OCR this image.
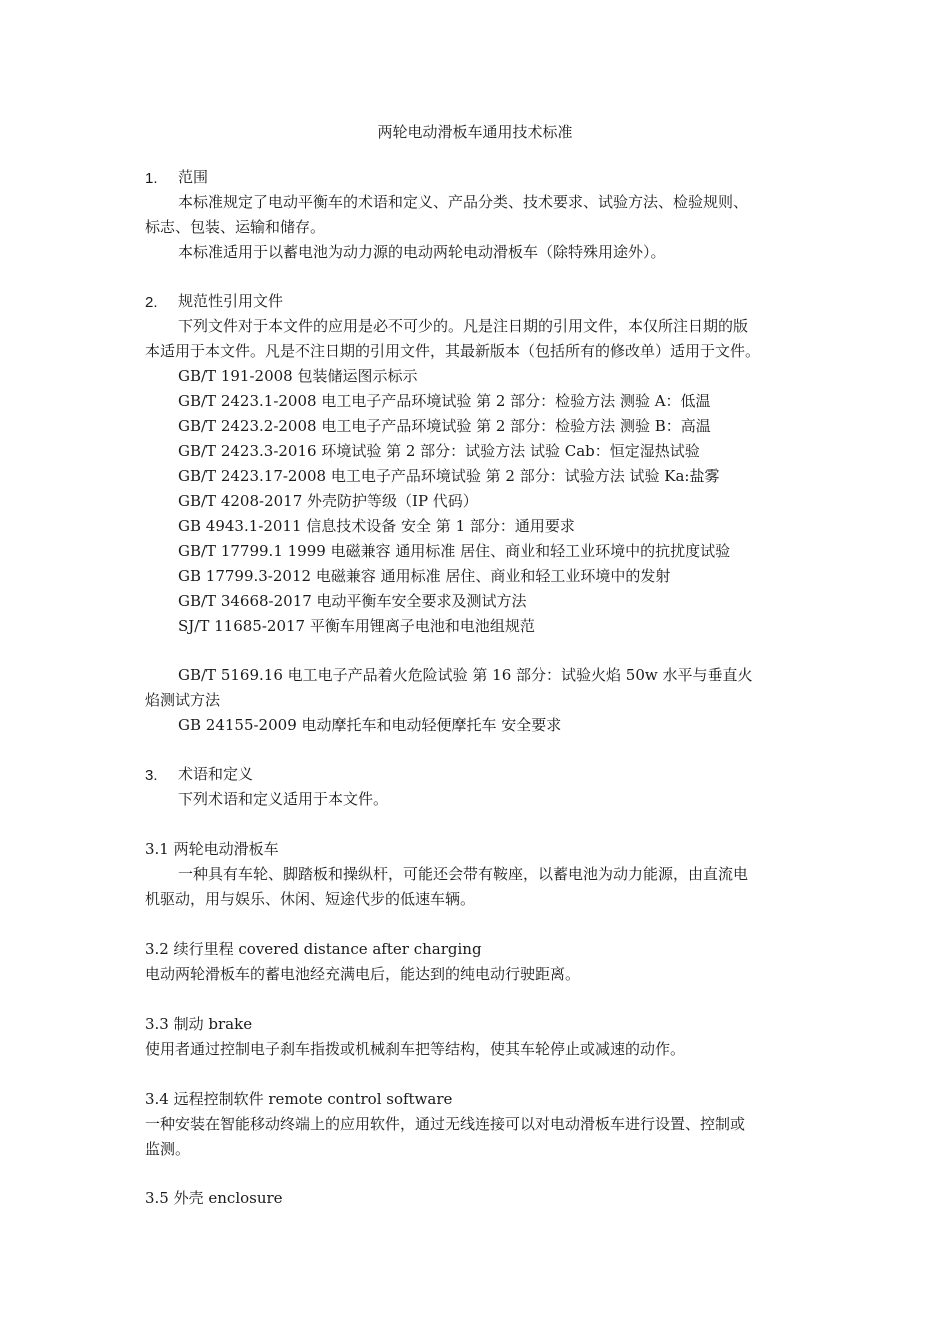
两轮电动滑板车通用技术标准
1. 范围
本标准规定了电动平衡车的术语和定义、产品分类、技术要求、试验方法、检验规则、
标志、包装、运输和储存。
本标准适用于以蓄电池为动力源的电动两轮电动滑板车（除特殊用途外）。
2. 规范性引用文件
下列文件对于本文件的应用是必不可少的。凡是注日期的引用文件，本仅所注日期的版
本适用于本文件。凡是不注日期的引用文件，其最新版本（包括所有的修改单）适用于文件。
GB/T 191-2008 包装储运图示标示
GB/T 2423.1-2008 电工电子产品环境试验 第 2 部分：检验方法 测验 A：低温
GB/T 2423.2-2008 电工电子产品环境试验 第 2 部分：检验方法 测验 B：高温
GB/T 2423.3-2016 环境试验 第 2 部分：试验方法 试验 Cab：恒定湿热试验
GB/T 2423.17-2008 电工电子产品环境试验 第 2 部分：试验方法 试验 Ka:盐雾
GB/T 4208-2017 外壳防护等级（IP 代码）
GB 4943.1-2011 信息技术设备 安全 第 1 部分：通用要求
GB/T 17799.1 1999 电磁兼容 通用标准 居住、商业和轻工业环境中的抗扰度试验
GB 17799.3-2012 电磁兼容 通用标准 居住、商业和轻工业环境中的发射
GB/T 34668-2017 电动平衡车安全要求及测试方法
SJ/T 11685-2017 平衡车用锂离子电池和电池组规范
GB/T 5169.16 电工电子产品着火危险试验 第 16 部分：试验火焰 50w 水平与垂直火
焰测试方法
GB 24155-2009 电动摩托车和电动轻便摩托车 安全要求
3. 术语和定义
下列术语和定义适用于本文件。
3.1 两轮电动滑板车
一种具有车轮、脚踏板和操纵杆，可能还会带有鞍座，以蓄电池为动力能源，由直流电
机驱动，用与娱乐、休闲、短途代步的低速车辆。
3.2 续行里程 covered distance after charging
电动两轮滑板车的蓄电池经充满电后，能达到的纯电动行驶距离。
3.3 制动 brake
使用者通过控制电子刹车指拨或机械刹车把等结构，使其车轮停止或减速的动作。
3.4 远程控制软件 remote control software
一种安装在智能移动终端上的应用软件，通过无线连接可以对电动滑板车进行设置、控制或
监测。
3.5 外壳 enclosure
